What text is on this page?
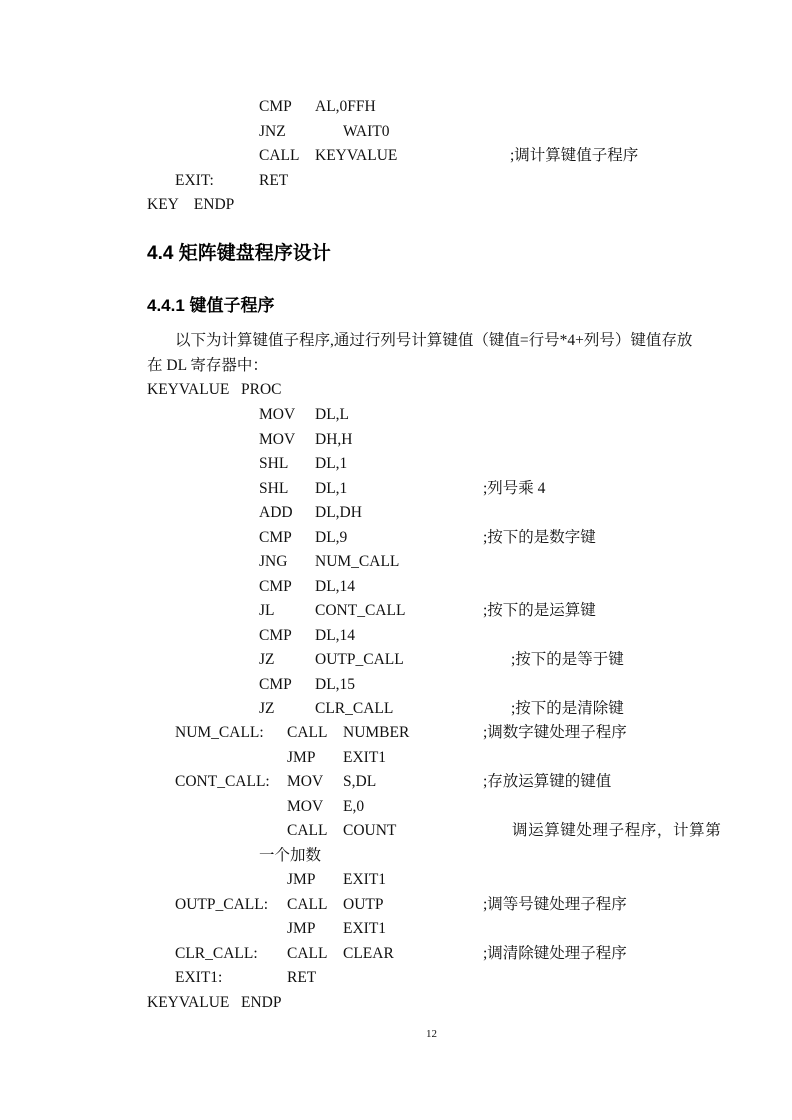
CMP AL,0FFH
JNZ	WAIT0
CALL KEYVALUE	;调计算键值子程序
EXIT:	RET
KEY    ENDP
4.4 矩阵键盘程序设计
4.4.1 键值子程序
以下为计算键值子程序,通过行列号计算键值（键值=行号*4+列号）键值存放
在 DL 寄存器中：
KEYVALUE   PROC
MOV DL,L
MOV DH,H
SHL DL,1
SHL DL,1	;列号乘 4
ADD DL,DH
CMP DL,9	;按下的是数字键
JNG NUM_CALL
CMP DL,14
JL	CONT_CALL	;按下的是运算键
CMP DL,14
JZ	OUTP_CALL	;按下的是等于键
CMP DL,15
JZ	CLR_CALL	;按下的是清除键
NUM_CALL: CALL NUMBER	;调数字键处理子程序
JMP EXIT1
CONT_CALL: MOV S,DL	;存放运算键的键值
MOV E,0
CALL COUNT	调运算键处理子程序，计算第
一个加数
JMP EXIT1
OUTP_CALL: CALL OUTP	;调等号键处理子程序
JMP EXIT1
CLR_CALL: CALL CLEAR	;调清除键处理子程序
EXIT1:	RET
KEYVALUE   ENDP
12
